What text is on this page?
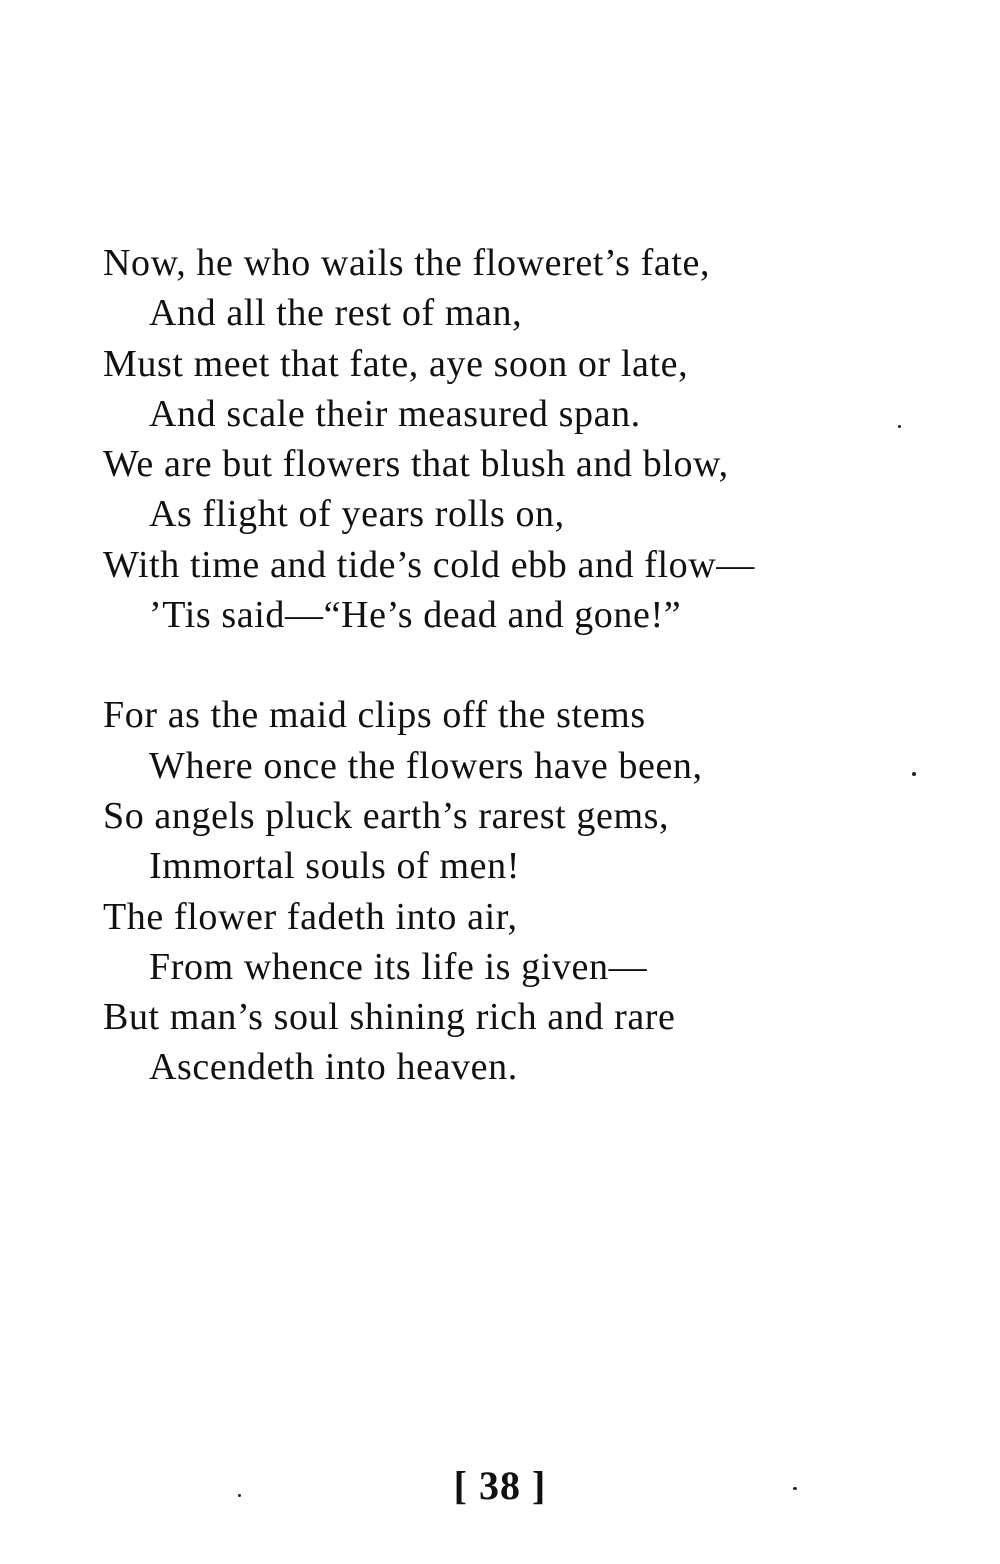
Now, he who wails the floweret’s fate,
And all the rest of man,
Must meet that fate, aye soon or late,
And scale their measured span.
We are but flowers that blush and blow,
As flight of years rolls on,
With time and tide’s cold ebb and flow—
’Tis said—“He’s dead and gone!”
For as the maid clips off the stems
Where once the flowers have been,
So angels pluck earth’s rarest gems,
Immortal souls of men!
The flower fadeth into air,
From whence its life is given—
But man’s soul shining rich and rare
Ascendeth into heaven.
[ 38 ]
